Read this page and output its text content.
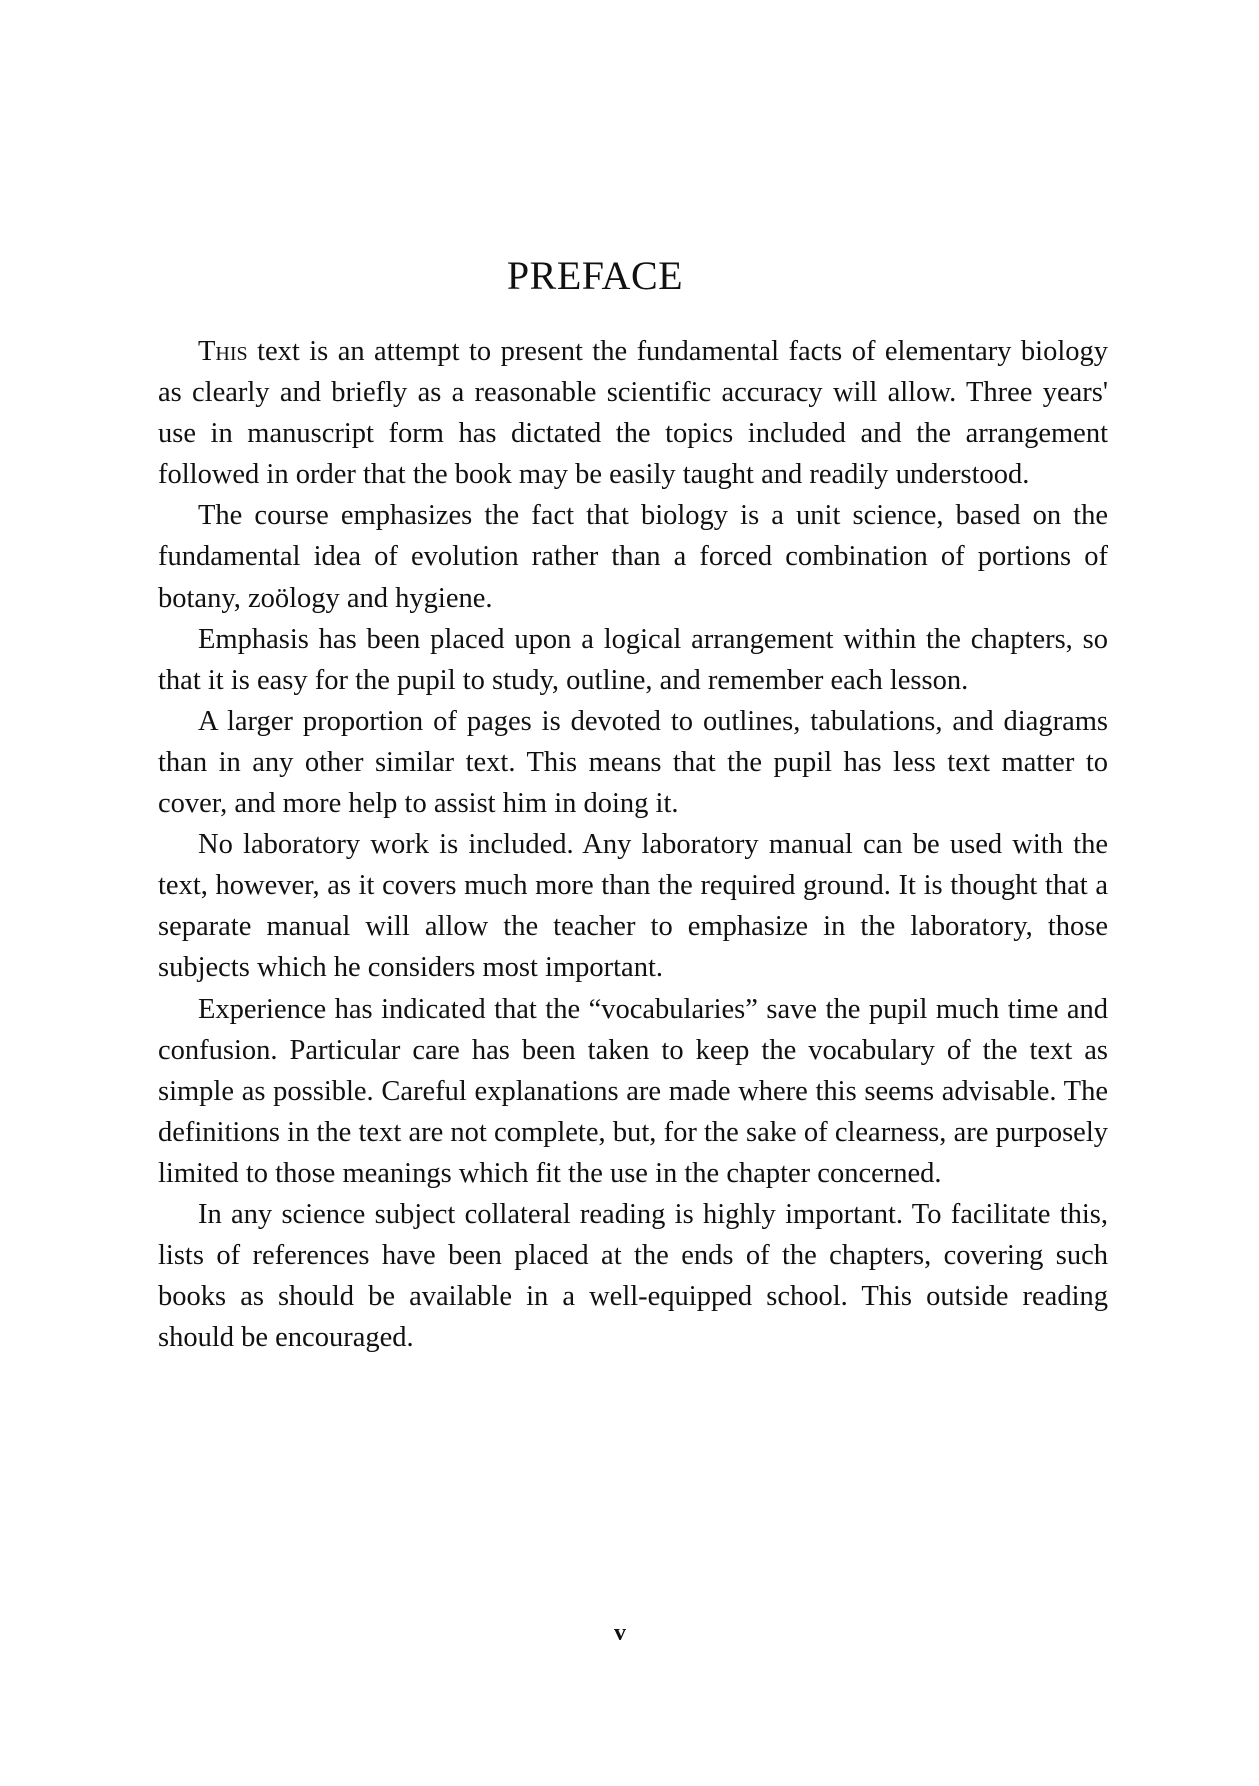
PREFACE

This text is an attempt to present the fundamental facts of elementary biology as clearly and briefly as a reasonable scientific accuracy will allow. Three years' use in manuscript form has dictated the topics included and the arrangement followed in order that the book may be easily taught and readily understood.

The course emphasizes the fact that biology is a unit science, based on the fundamental idea of evolution rather than a forced combination of portions of botany, zoölogy and hygiene.

Emphasis has been placed upon a logical arrangement within the chapters, so that it is easy for the pupil to study, outline, and remember each lesson.

A larger proportion of pages is devoted to outlines, tabulations, and diagrams than in any other similar text. This means that the pupil has less text matter to cover, and more help to assist him in doing it.

No laboratory work is included. Any laboratory manual can be used with the text, however, as it covers much more than the required ground. It is thought that a separate manual will allow the teacher to emphasize in the laboratory, those subjects which he considers most important.

Experience has indicated that the “vocabularies” save the pupil much time and confusion. Particular care has been taken to keep the vocabulary of the text as simple as possible. Careful explanations are made where this seems advisable. The definitions in the text are not complete, but, for the sake of clearness, are purposely limited to those meanings which fit the use in the chapter concerned.

In any science subject collateral reading is highly important. To facilitate this, lists of references have been placed at the ends of the chapters, covering such books as should be available in a well-equipped school. This outside reading should be encouraged.

v
